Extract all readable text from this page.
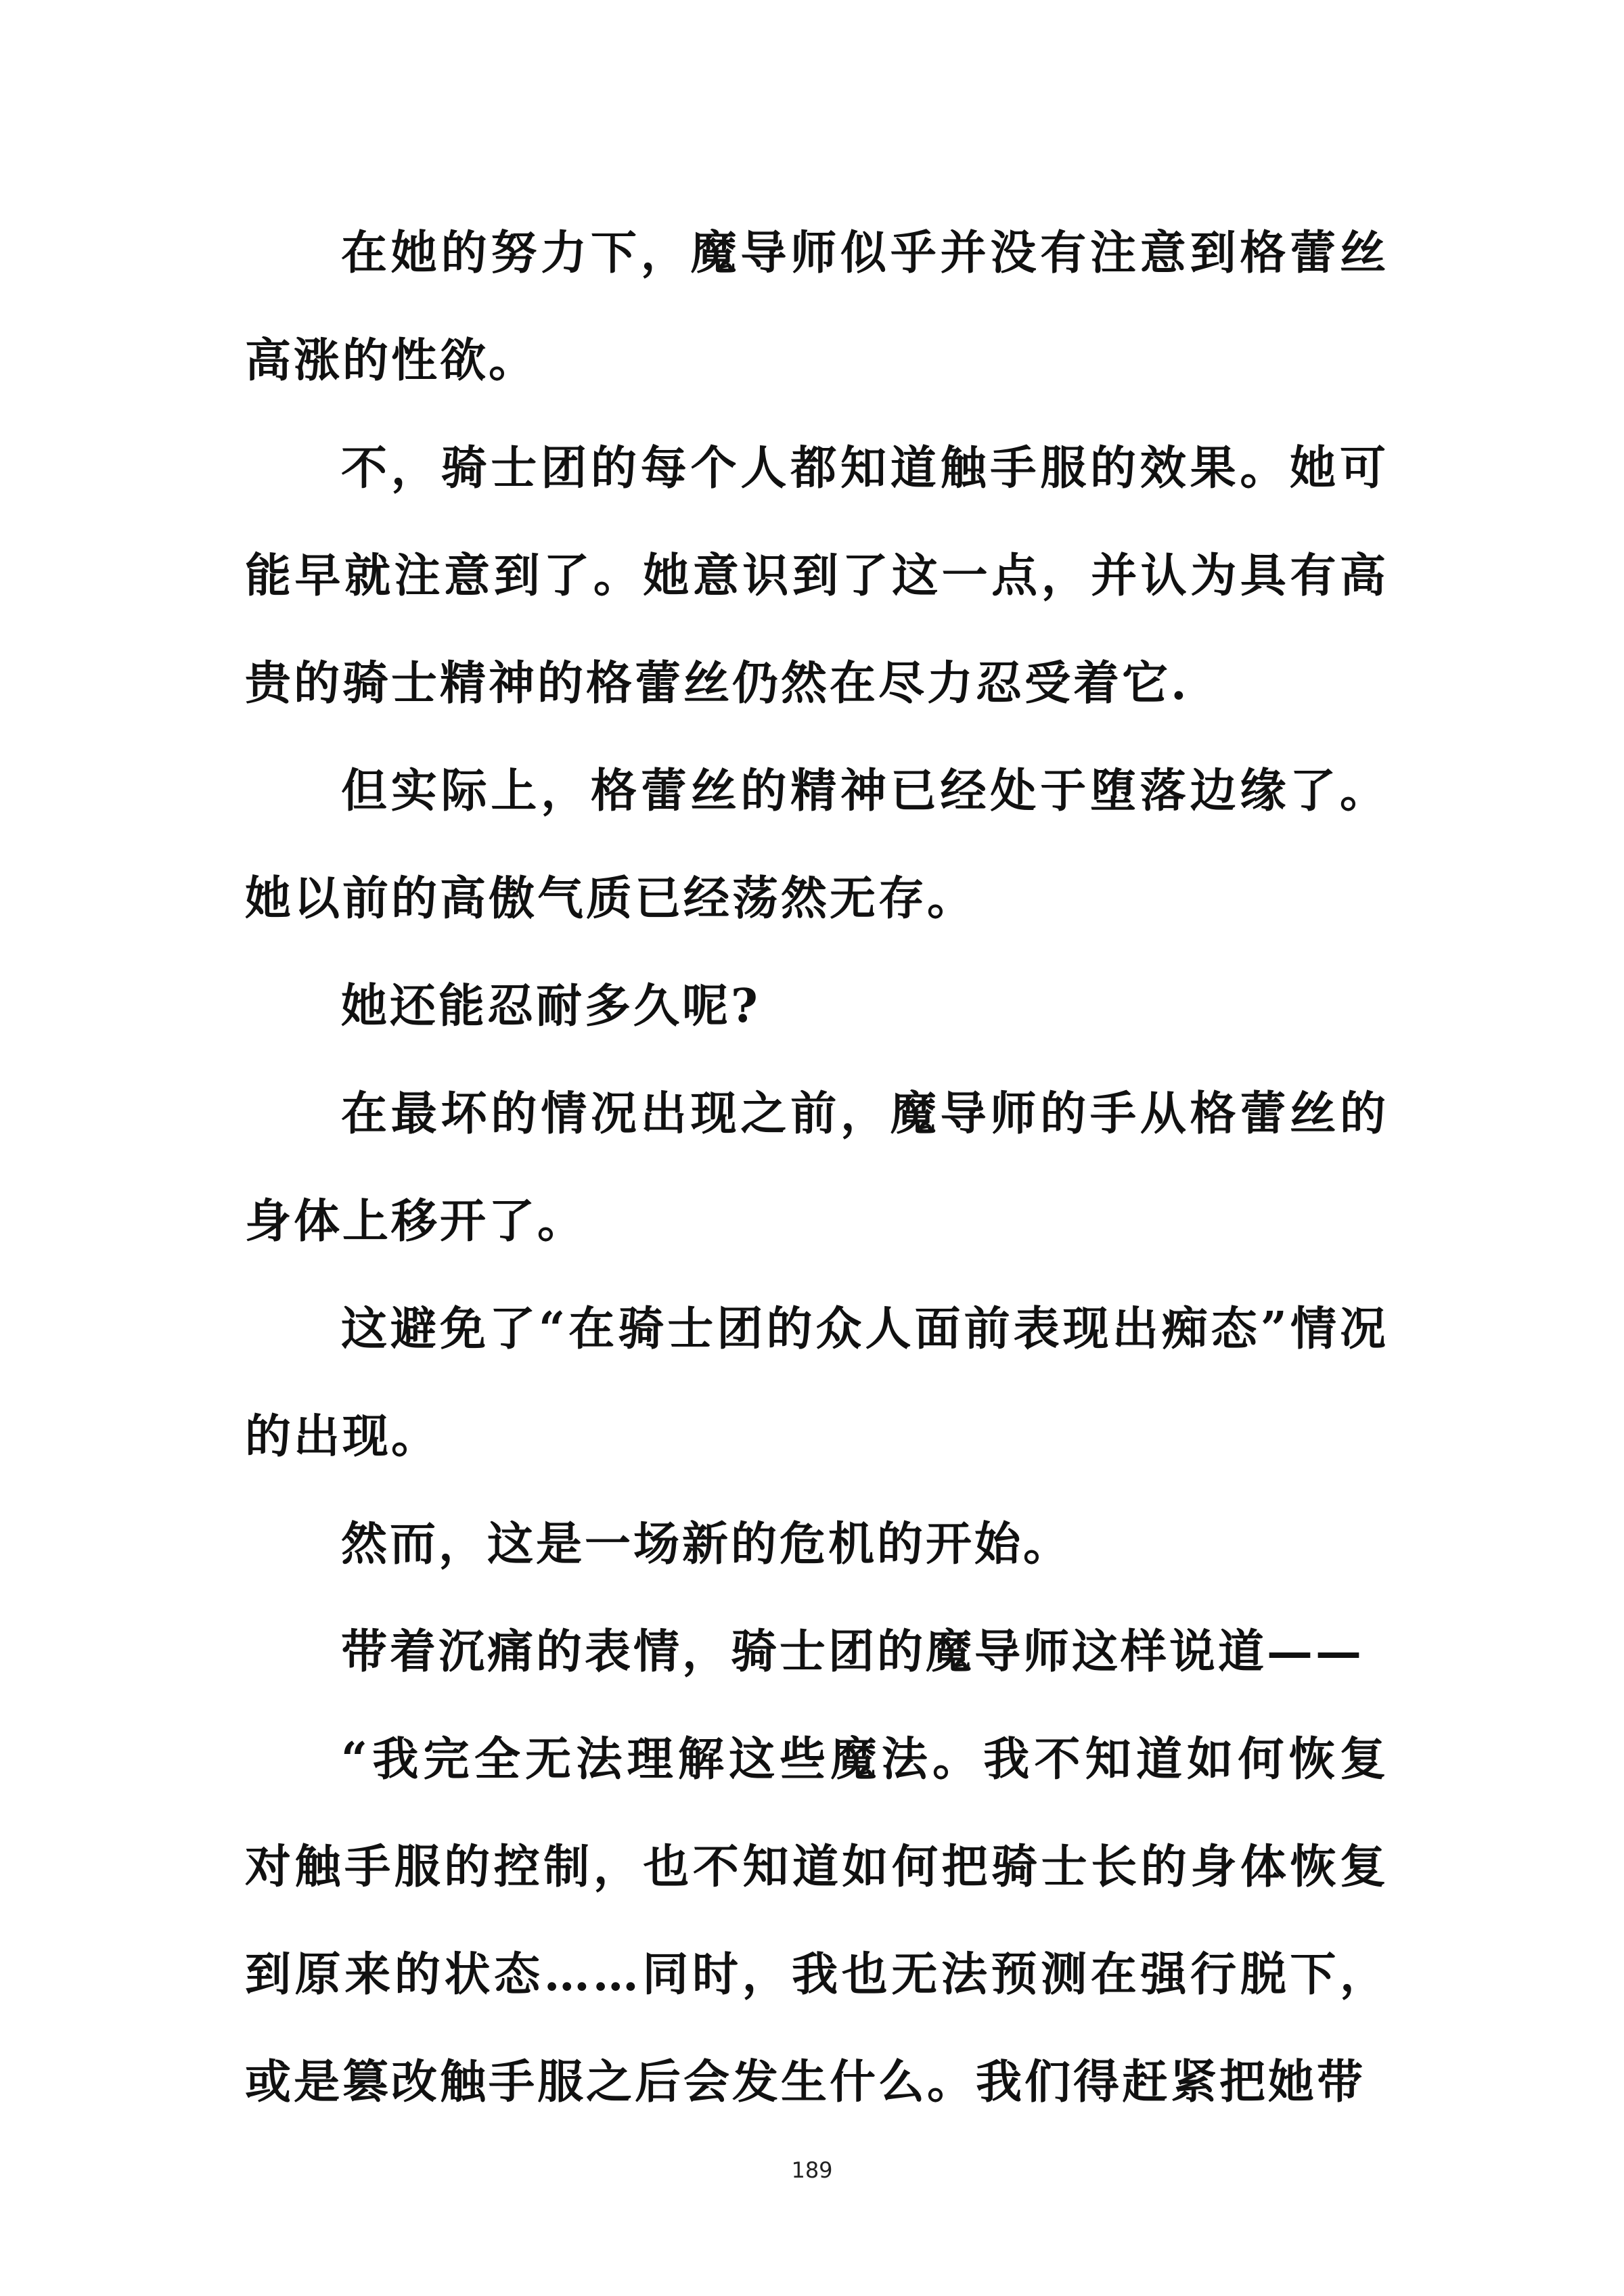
在她的努力下，魔导师似乎并没有注意到格蕾丝高涨的性欲。

不，骑士团的每个人都知道触手服的效果。她可能早就注意到了。她意识到了这一点，并认为具有高贵的骑士精神的格蕾丝仍然在尽力忍受着它.

但实际上，格蕾丝的精神已经处于堕落边缘了。她以前的高傲气质已经荡然无存。

她还能忍耐多久呢?

在最坏的情况出现之前，魔导师的手从格蕾丝的身体上移开了。

这避免了“在骑士团的众人面前表现出痴态”情况的出现。

然而，这是一场新的危机的开始。

带着沉痛的表情，骑士团的魔导师这样说道——

“我完全无法理解这些魔法。我不知道如何恢复对触手服的控制，也不知道如何把骑士长的身体恢复到原来的状态……同时，我也无法预测在强行脱下，或是篡改触手服之后会发生什么。我们得赶紧把她带

189
